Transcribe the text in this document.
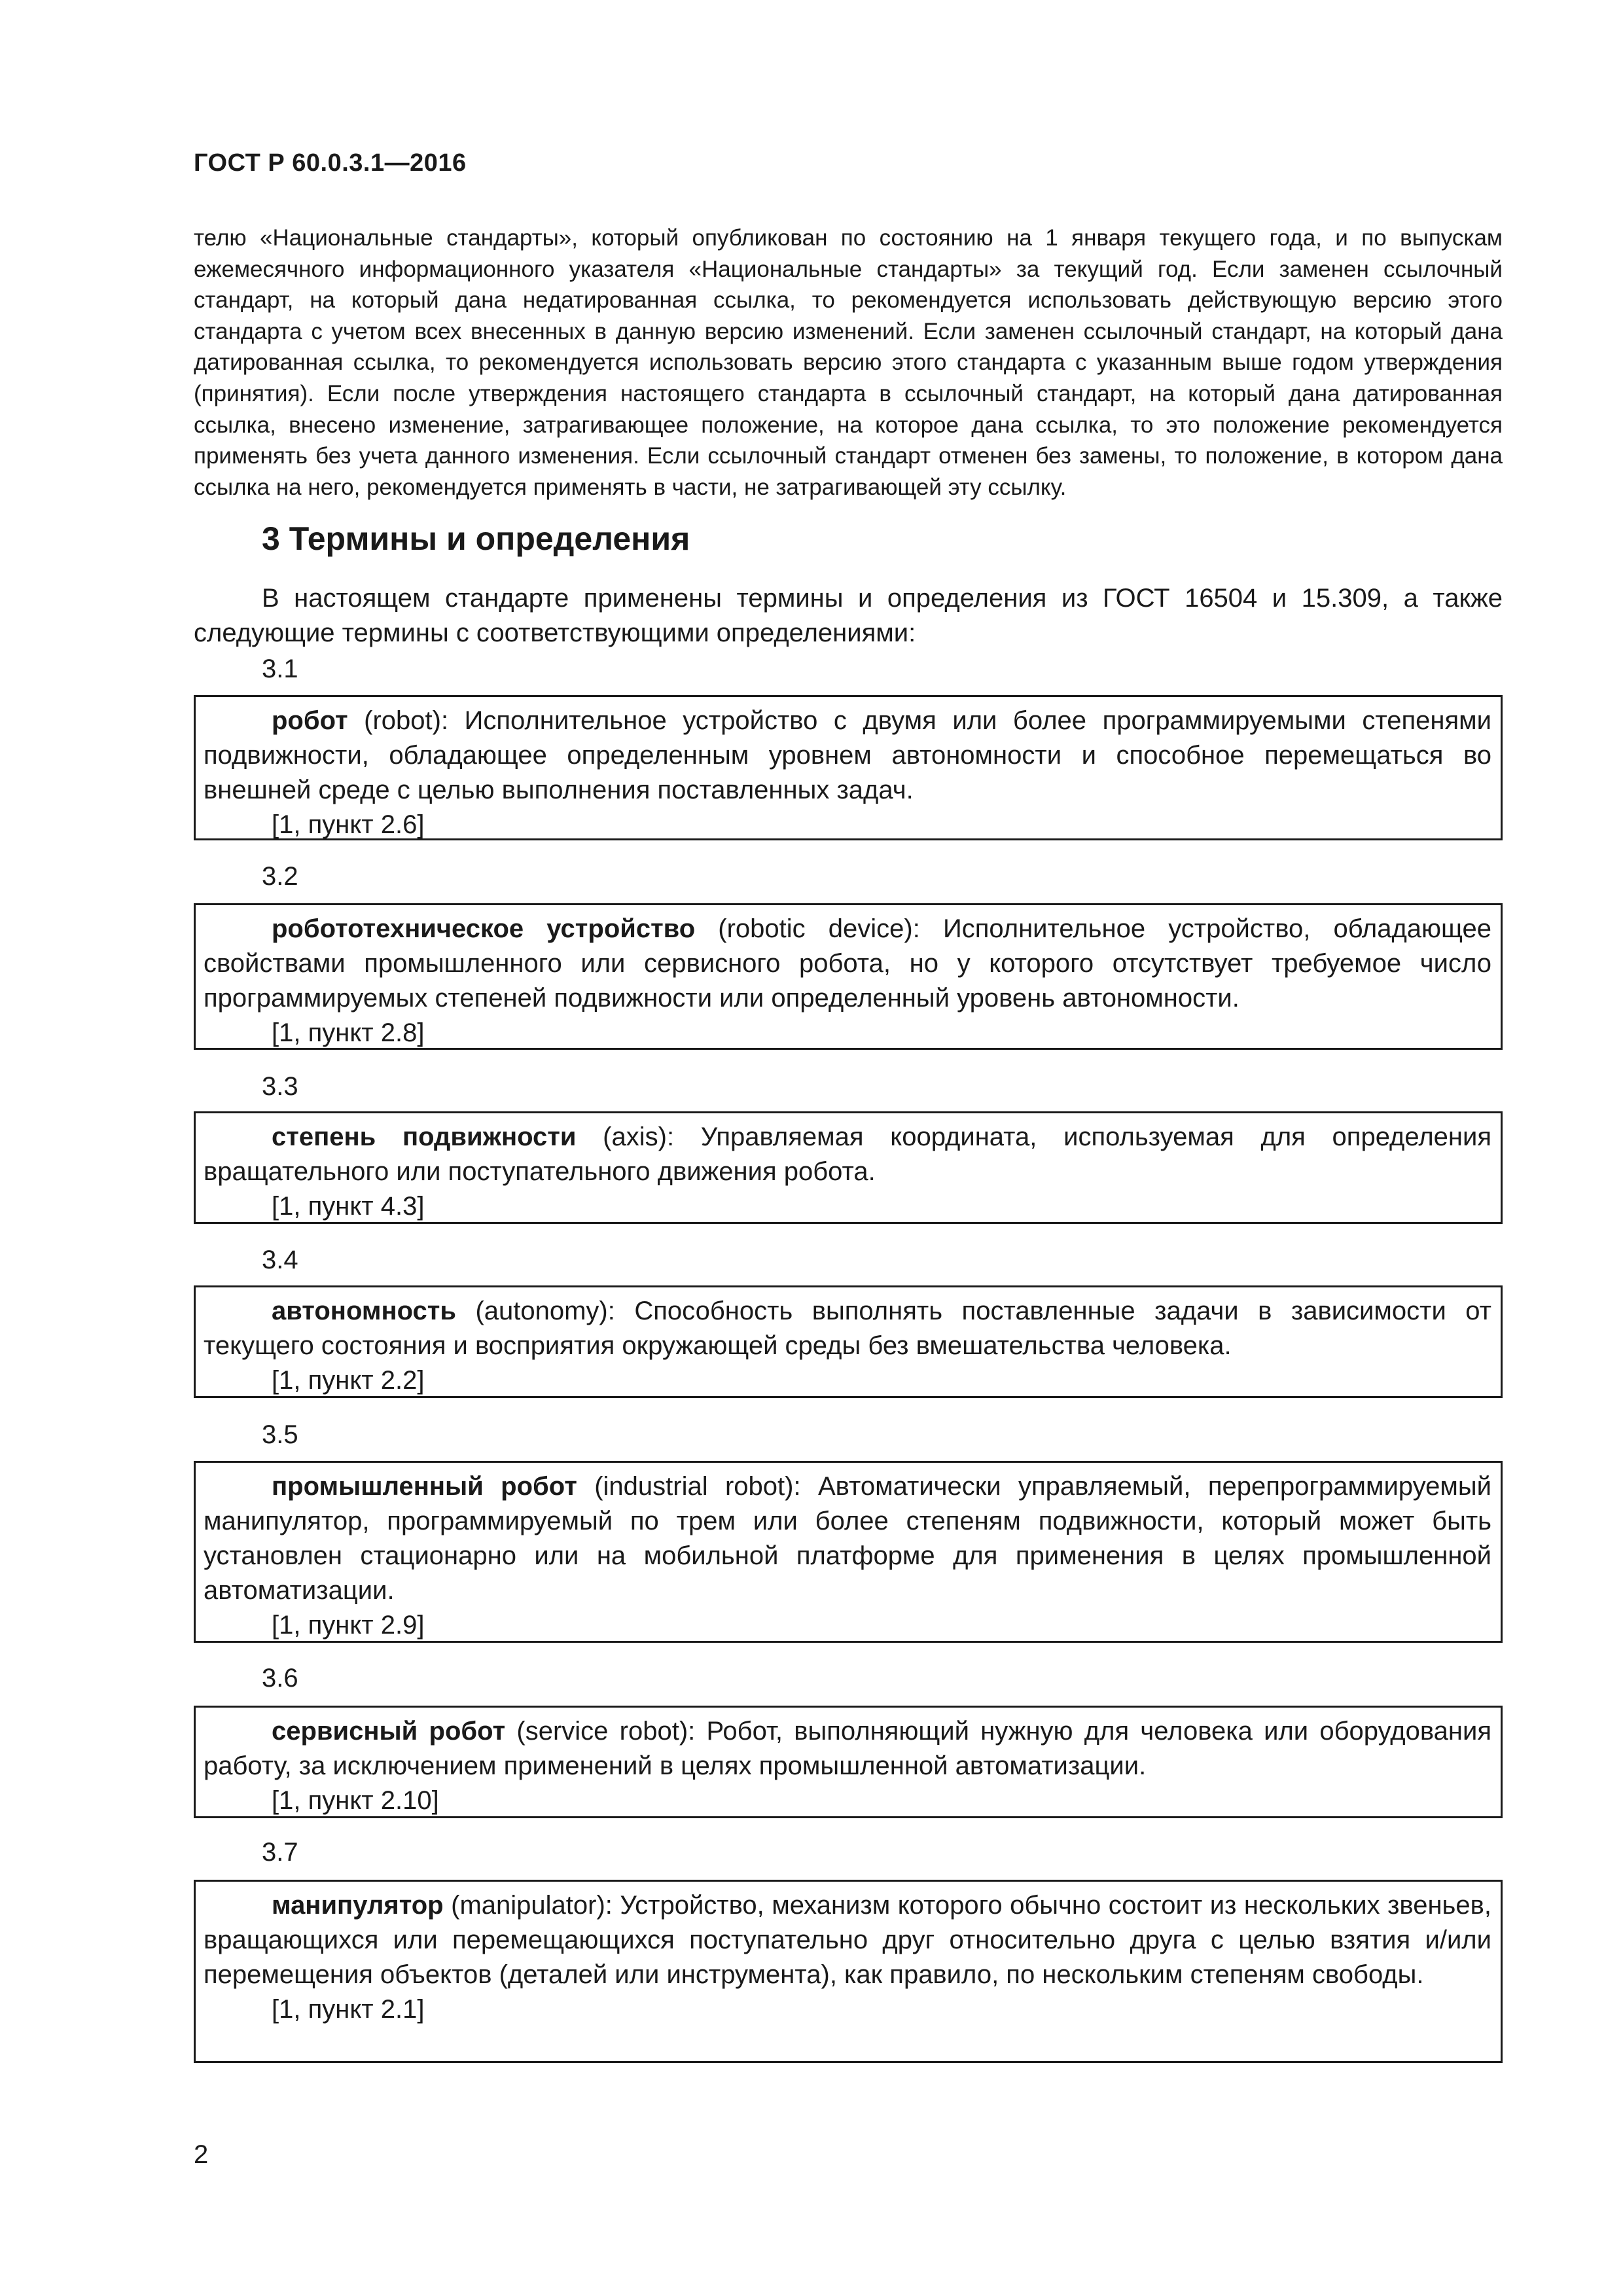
ГОСТ Р 60.0.3.1—2016

телю «Национальные стандарты», который опубликован по состоянию на 1 января текущего года, и по выпускам ежемесячного информационного указателя «Национальные стандарты» за текущий год. Если заменен ссылочный стандарт, на который дана недатированная ссылка, то рекомендуется использовать действующую версию этого стандарта с учетом всех внесенных в данную версию изменений. Если заменен ссылочный стандарт, на который дана датированная ссылка, то рекомендуется использовать версию этого стандарта с указанным выше годом утверждения (принятия). Если после утверждения настоящего стандарта в ссылочный стандарт, на который дана датированная ссылка, внесено изменение, затрагивающее положение, на которое дана ссылка, то это положение рекомендуется применять без учета данного изменения. Если ссылочный стандарт отменен без замены, то положение, в котором дана ссылка на него, рекомендуется применять в части, не затрагивающей эту ссылку.

3 Термины и определения

В настоящем стандарте применены термины и определения из ГОСТ 16504 и 15.309, а также следующие термины с соответствующими определениями:

3.1

робот (robot): Исполнительное устройство с двумя или более программируемыми степенями подвижности, обладающее определенным уровнем автономности и способное перемещаться во внешней среде с целью выполнения поставленных задач.

[1, пункт 2.6]

3.2

робототехническое устройство (robotic device): Исполнительное устройство, обладающее свойствами промышленного или сервисного робота, но у которого отсутствует требуемое число программируемых степеней подвижности или определенный уровень автономности.

[1, пункт 2.8]

3.3

степень подвижности (axis): Управляемая координата, используемая для определения вращательного или поступательного движения робота.

[1, пункт 4.3]

3.4

автономность (autonomy): Способность выполнять поставленные задачи в зависимости от текущего состояния и восприятия окружающей среды без вмешательства человека.

[1, пункт 2.2]

3.5

промышленный робот (industrial robot): Автоматически управляемый, перепрограммируемый манипулятор, программируемый по трем или более степеням подвижности, который может быть установлен стационарно или на мобильной платформе для применения в целях промышленной автоматизации.

[1, пункт 2.9]

3.6

сервисный робот (service robot): Робот, выполняющий нужную для человека или оборудования работу, за исключением применений в целях промышленной автоматизации.

[1, пункт 2.10]

3.7

манипулятор (manipulator): Устройство, механизм которого обычно состоит из нескольких звеньев, вращающихся или перемещающихся поступательно друг относительно друга с целью взятия и/или перемещения объектов (деталей или инструмента), как правило, по нескольким степеням свободы.

[1, пункт 2.1]

2
